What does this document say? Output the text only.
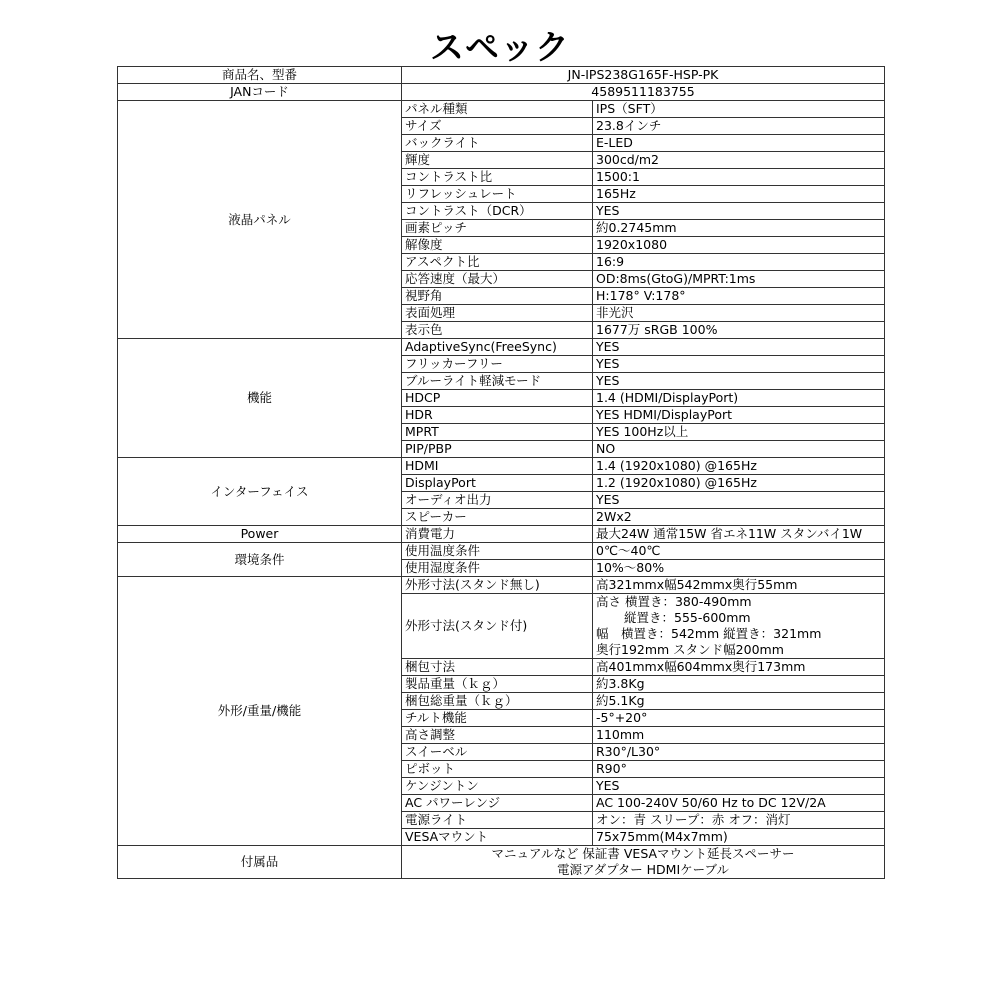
スペック
商品名、型番	JN-IPS238G165F-HSP-PK	
JANコード	4589511183755	
液晶パネル	パネル種類	IPS（SFT）
	サイズ	23.8インチ
	バックライト	E-LED
	輝度	300cd/m2
	コントラスト比	1500:1
	リフレッシュレート	165Hz
	コントラスト（DCR）	YES
	画素ピッチ	約0.2745mm
	解像度	1920x1080
	アスペクト比	16:9
	応答速度（最大）	OD:8ms(GtoG)/MPRT:1ms
	視野角	H:178° V:178°
	表面処理	非光沢
	表示色	1677万 sRGB 100%
機能	AdaptiveSync(FreeSync)	YES
	フリッカーフリー	YES
	ブルーライト軽減モード	YES
	HDCP	1.4 (HDMI/DisplayPort)
	HDR	YES HDMI/DisplayPort
	MPRT	YES 100Hz以上
	PIP/PBP	NO
インターフェイス	HDMI	1.4 (1920x1080) @165Hz
	DisplayPort	1.2 (1920x1080) @165Hz
	オーディオ出力	YES
	スピーカー	2Wx2
Power	消費電力	最大24W 通常15W 省エネ11W スタンバイ1W
環境条件	使用温度条件	0℃～40℃
	使用湿度条件	10%～80%
外形/重量/機能	外形寸法(スタンド無し)	高321mmx幅542mmx奥行55mm
	外形寸法(スタンド付)	高さ 横置き：380-490mm
縦置き：555-600mm
幅　横置き：542mm 縦置き：321mm
奥行192mm スタンド幅200mm

	梱包寸法	高401mmx幅604mmx奥行173mm
	製品重量（ｋｇ）	約3.8Kg
	梱包総重量（ｋｇ）	約5.1Kg
	チルト機能	-5°+20°
	高さ調整	110mm
	スイーベル	R30°/L30°
	ピボット	R90°
	ケンジントン	YES
	AC パワーレンジ	AC 100-240V 50/60 Hz to DC 12V/2A
	電源ライト	オン：青 スリープ：赤 オフ：消灯
	VESAマウント	75x75mm(M4x7mm)
付属品	マニュアルなど 保証書 VESAマウント延長スペーサー
電源アダプター HDMIケーブル	
